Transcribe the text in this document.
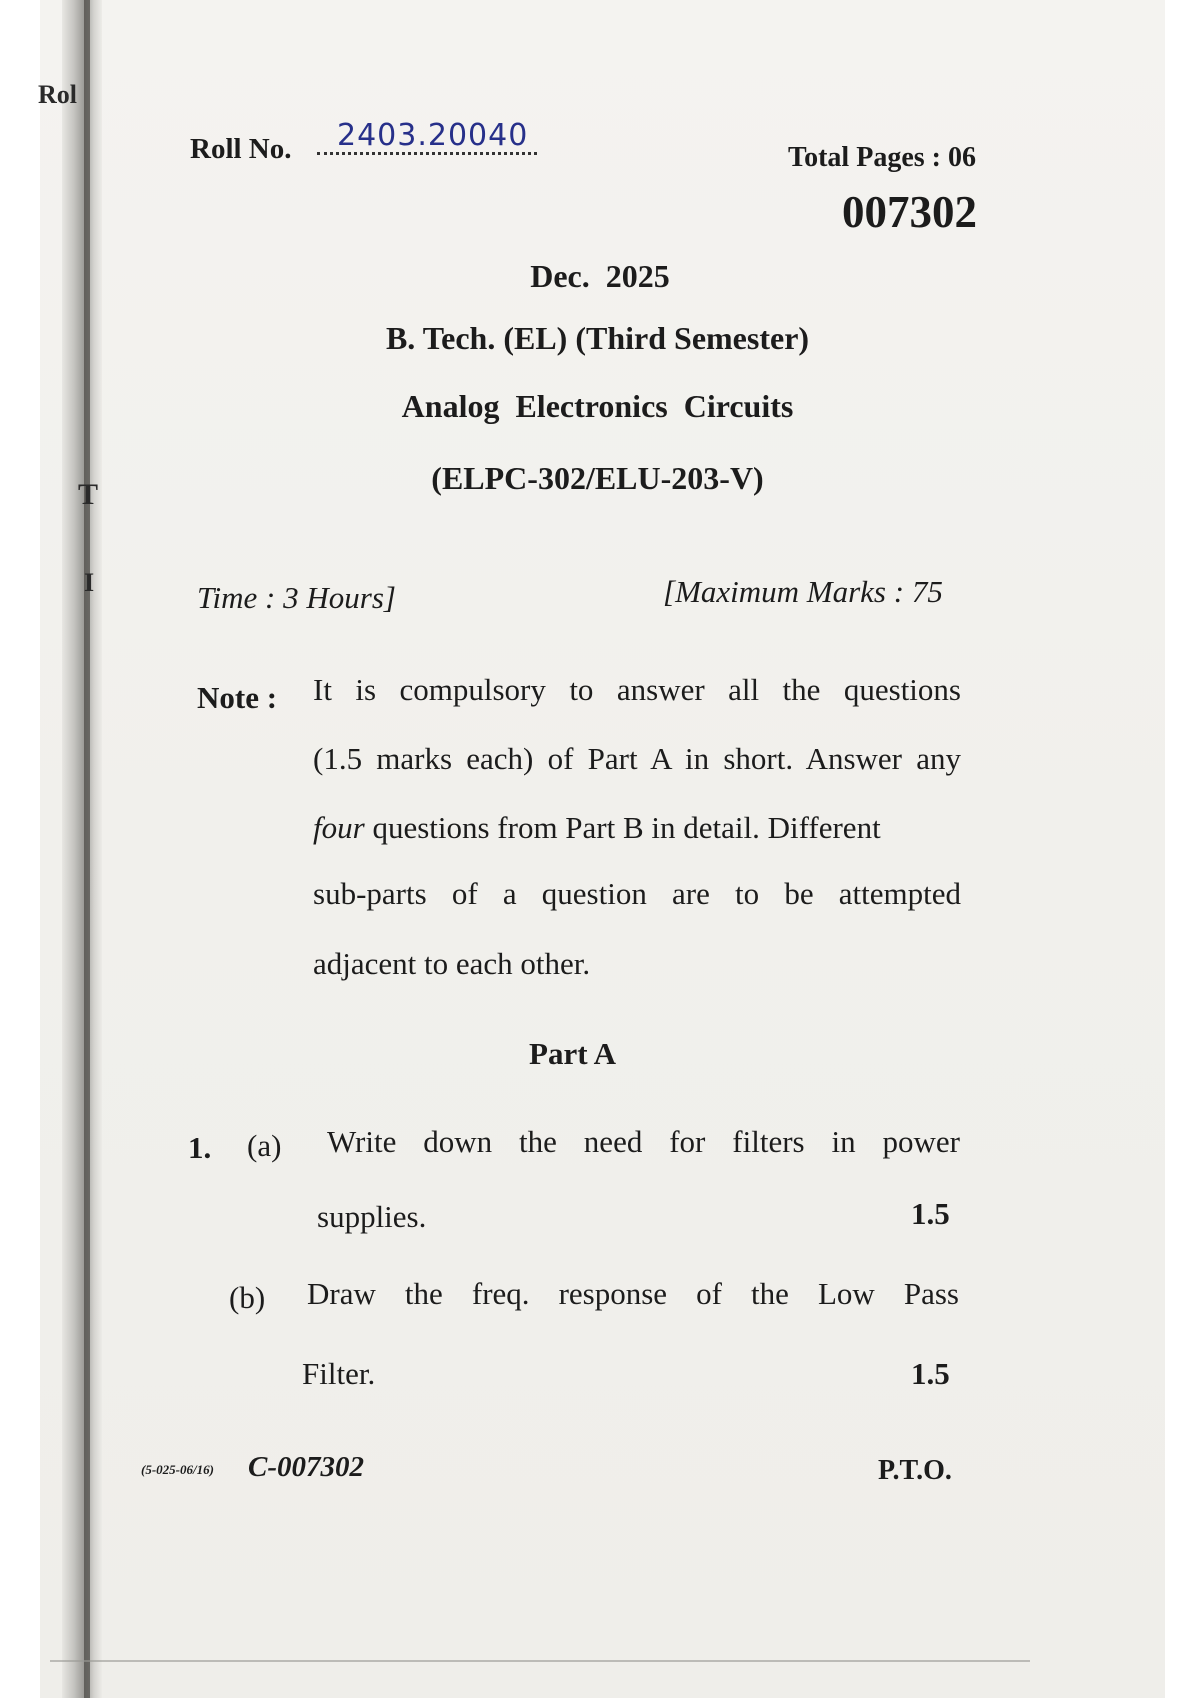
Rol
T
I
Roll No. 2403.20040
Total Pages : 06
007302
Dec.  2025
B. Tech. (EL) (Third Semester)
Analog  Electronics  Circuits
(ELPC-302/ELU-203-V)
Time : 3 Hours]	[Maximum Marks : 75
Note : It is compulsory to answer all the questions
(1.5 marks each) of Part A in short. Answer any
four questions from Part B in detail. Different
sub-parts of a question are to be attempted
adjacent to each other.
Part A
1. (a) Write down the need for filters in power
supplies.	1.5
(b) Draw the freq. response of the Low Pass
Filter.	1.5
(5-025-06/16) C-007302	P.T.O.
